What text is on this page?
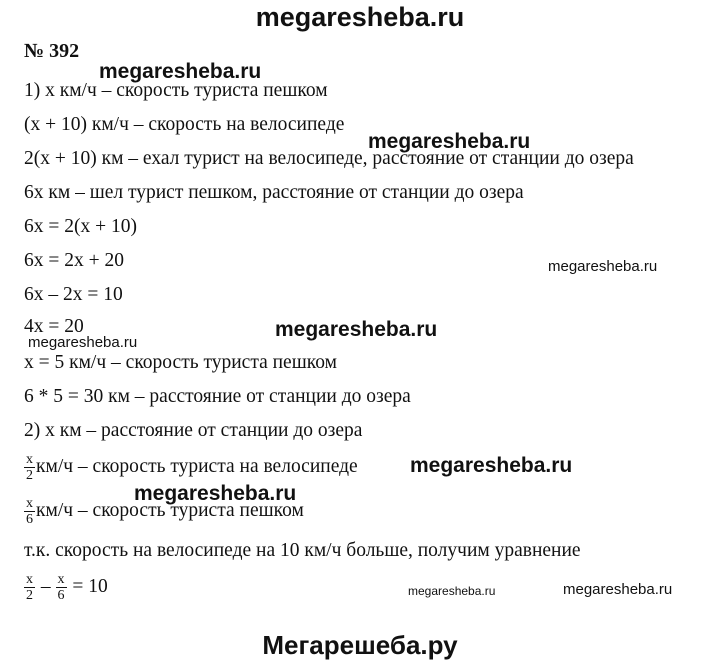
megaresheba.ru
№ 392
megaresheba.ru
1) x км/ч – скорость туриста пешком
(x + 10) км/ч – скорость на велосипеде
megaresheba.ru
2(x + 10) км – ехал турист на велосипеде, расстояние от станции до озера
6x км – шел турист пешком, расстояние от станции до озера
6x = 2(x + 10)
6x = 2x + 20	megaresheba.ru
6x – 2x = 10
megaresheba.ru
4x = 20
megaresheba.ru
x = 5 км/ч – скорость туриста пешком
6 * 5 = 30 км – расстояние от станции до озера
2) x км – расстояние от станции до озера
$\frac{x}{2} км/ч$ – скорость туриста на велосипеде megaresheba.ru
megaresheba.ru
$\frac{x}{6} км/ч$ – скорость туриста пешком
т.к. скорость на велосипеде на 10 км/ч больше, получим уравнение
$\frac{x}{2} - \frac{x}{6} = 10$	megaresheba.ru	megaresheba.ru
Мегарешеба.ру
